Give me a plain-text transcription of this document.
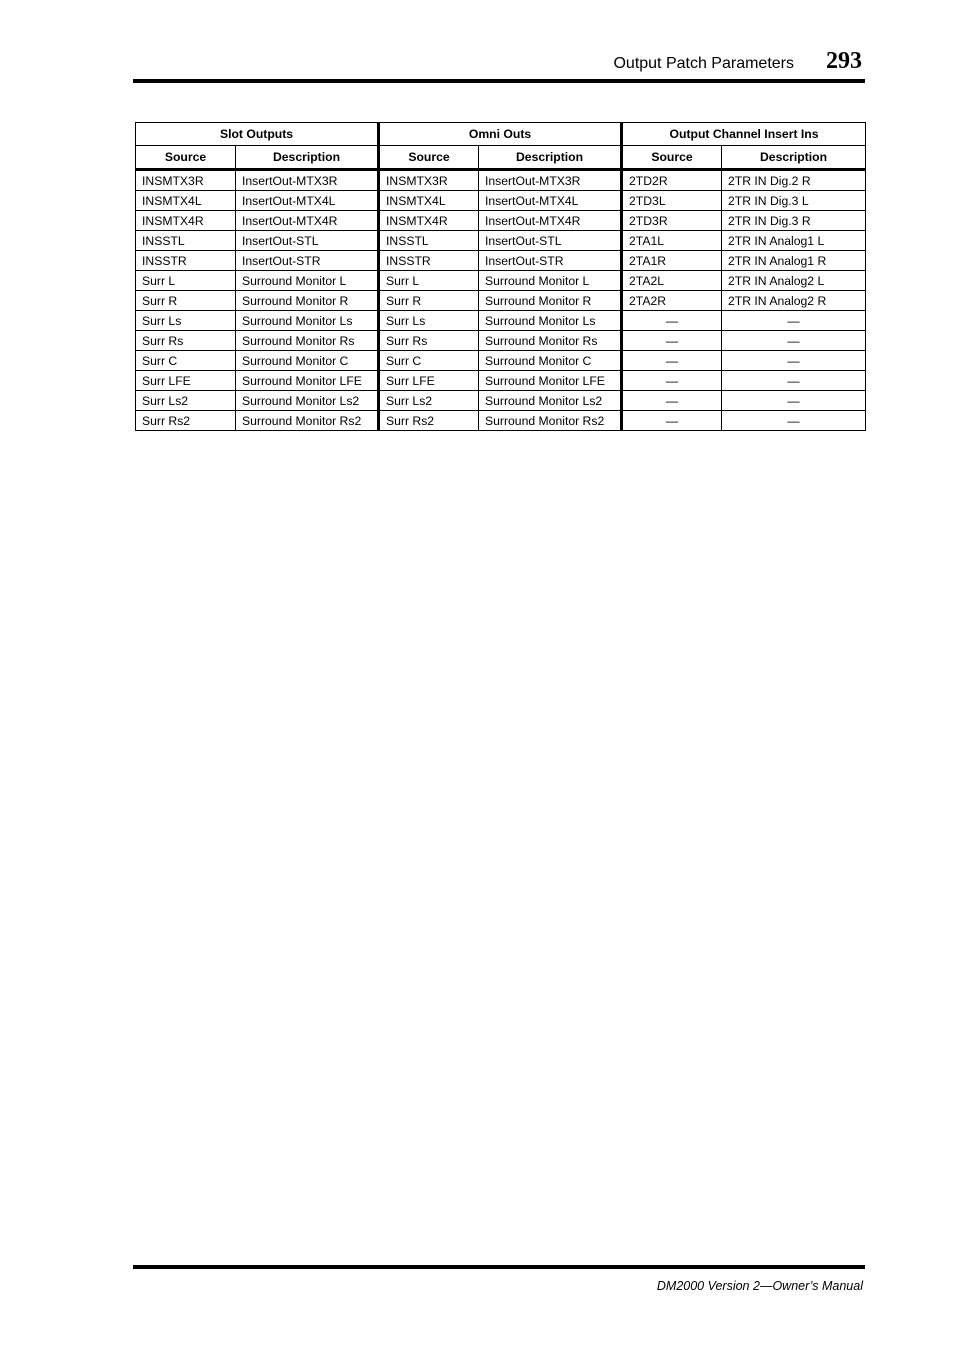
Output Patch Parameters 293
Slot Outputs		Omni Outs		Output Channel Insert Ins	
Source	Description	Source	Description	Source	Description
INSMTX3R	InsertOut-MTX3R	INSMTX3R	InsertOut-MTX3R	2TD2R	2TR IN Dig.2 R
INSMTX4L	InsertOut-MTX4L	INSMTX4L	InsertOut-MTX4L	2TD3L	2TR IN Dig.3 L
INSMTX4R	InsertOut-MTX4R	INSMTX4R	InsertOut-MTX4R	2TD3R	2TR IN Dig.3 R
INSSTL	InsertOut-STL	INSSTL	InsertOut-STL	2TA1L	2TR IN Analog1 L
INSSTR	InsertOut-STR	INSSTR	InsertOut-STR	2TA1R	2TR IN Analog1 R
Surr L	Surround Monitor L	Surr L	Surround Monitor L	2TA2L	2TR IN Analog2 L
Surr R	Surround Monitor R	Surr R	Surround Monitor R	2TA2R	2TR IN Analog2 R
Surr Ls	Surround Monitor Ls	Surr Ls	Surround Monitor Ls	—	—
Surr Rs	Surround Monitor Rs	Surr Rs	Surround Monitor Rs	—	—
Surr C	Surround Monitor C	Surr C	Surround Monitor C	—	—
Surr LFE	Surround Monitor LFE	Surr LFE	Surround Monitor LFE	—	—
Surr Ls2	Surround Monitor Ls2	Surr Ls2	Surround Monitor Ls2	—	—
Surr Rs2	Surround Monitor Rs2	Surr Rs2	Surround Monitor Rs2	—	—
DM2000 Version 2—Owner’s Manual
